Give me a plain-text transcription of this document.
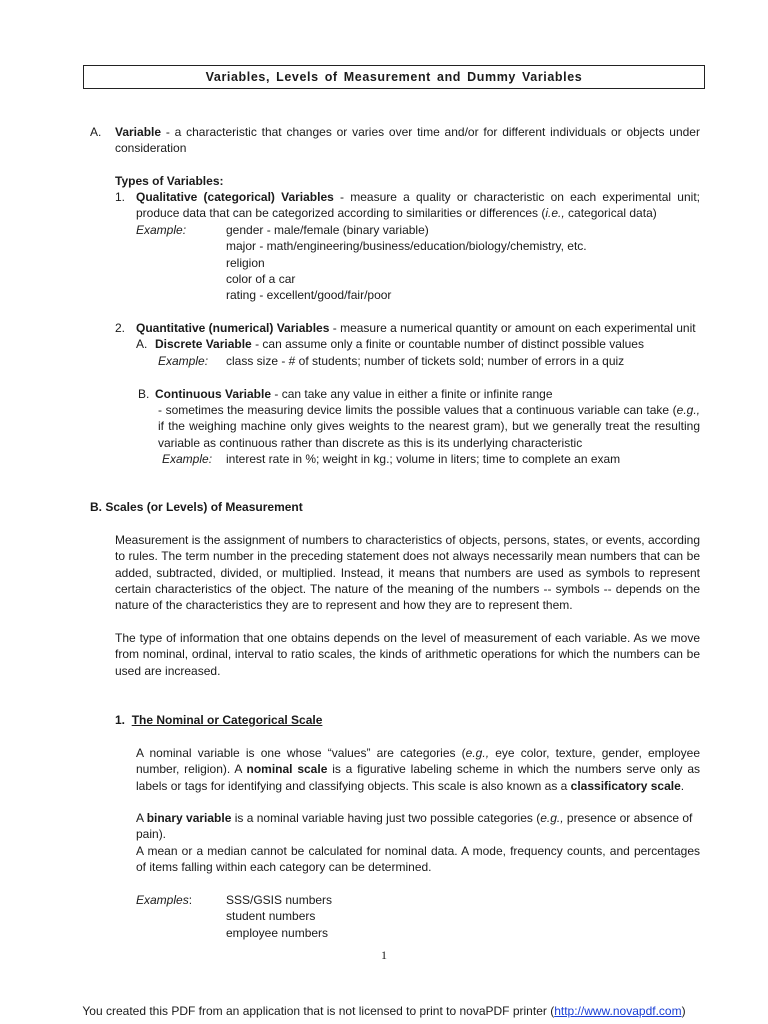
Variables, Levels of Measurement and Dummy Variables
A. Variable - a characteristic that changes or varies over time and/or for different individuals or objects under consideration

Types of Variables:
1. Qualitative (categorical) Variables - measure a quality or characteristic on each experimental unit; produce data that can be categorized according to similarities or differences (i.e., categorical data)

Example:	gender - male/female (binary variable)
major - math/engineering/business/education/biology/chemistry, etc.
religion
color of a car
rating - excellent/good/fair/poor
2. Quantitative (numerical) Variables - measure a numerical quantity or amount on each experimental unit

A. Discrete Variable - can assume only a finite or countable number of distinct possible values

Example: class size - # of students; number of tickets sold; number of errors in a quiz
B. Continuous Variable - can take any value in either a finite or infinite range

- sometimes the measuring device limits the possible values that a continuous variable can take (e.g., if the weighing machine only gives weights to the nearest gram), but we generally treat the resulting variable as continuous rather than discrete as this is its underlying characteristic

Example: interest rate in %; weight in kg.; volume in liters; time to complete an exam
B. Scales (or Levels) of Measurement

Measurement is the assignment of numbers to characteristics of objects, persons, states, or events, according to rules. The term number in the preceding statement does not always necessarily mean numbers that can be added, subtracted, divided, or multiplied. Instead, it means that numbers are used as symbols to represent certain characteristics of the object. The nature of the meaning of the numbers -- symbols -- depends on the nature of the characteristics they are to represent and how they are to represent them.

The type of information that one obtains depends on the level of measurement of each variable. As we move from nominal, ordinal, interval to ratio scales, the kinds of arithmetic operations for which the numbers can be used are increased.

1. The Nominal or Categorical Scale

A nominal variable is one whose “values” are categories (e.g., eye color, texture, gender, employee number, religion). A nominal scale is a figurative labeling scheme in which the numbers serve only as labels or tags for identifying and classifying objects. This scale is also known as a classificatory scale.

A binary variable is a nominal variable having just two possible categories (e.g., presence or absence of pain).

A mean or a median cannot be calculated for nominal data. A mode, frequency counts, and percentages of items falling within each category can be determined.

Examples:	SSS/GSIS numbers
student numbers
employee numbers
1
You created this PDF from an application that is not licensed to print to novaPDF printer (http://www.novapdf.com)
